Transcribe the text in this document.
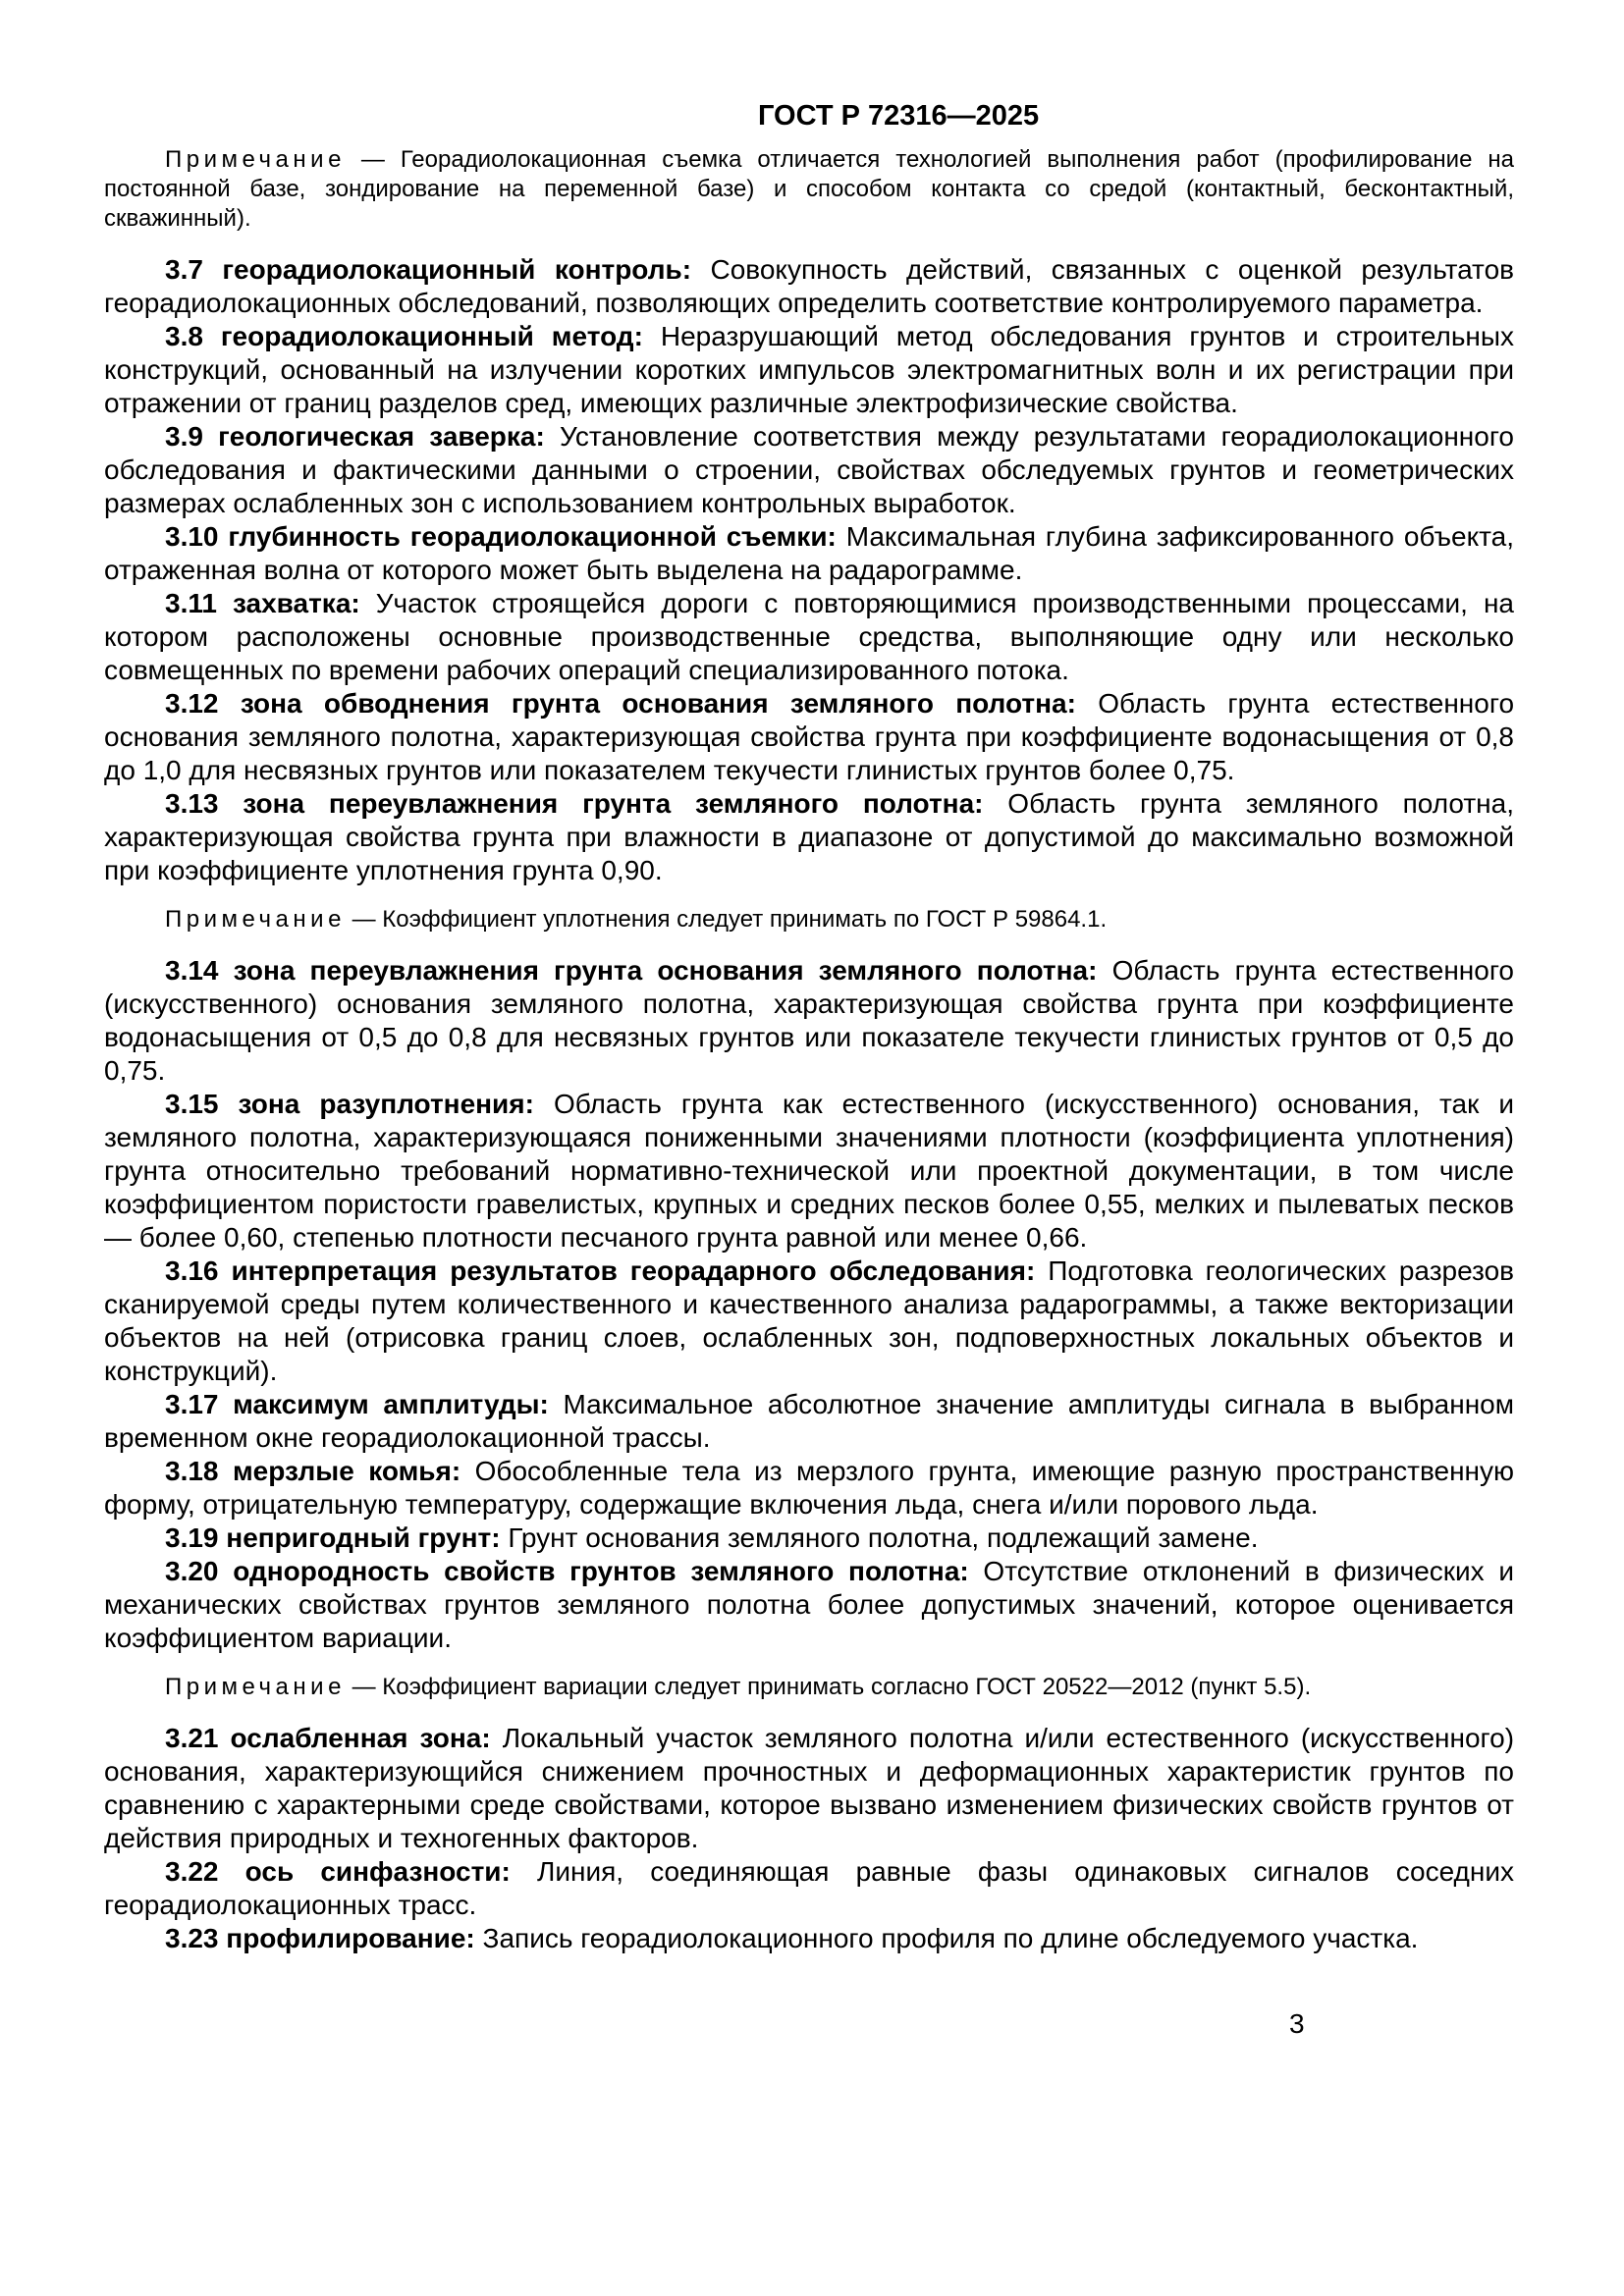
ГОСТ Р 72316—2025

Примечание — Георадиолокационная съемка отличается технологией выполнения работ (профилирование на постоянной базе, зондирование на переменной базе) и способом контакта со средой (контактный, бесконтактный, скважинный).

3.7 георадиолокационный контроль: Совокупность действий, связанных с оценкой результатов георадиолокационных обследований, позволяющих определить соответствие контролируемого параметра.

3.8 георадиолокационный метод: Неразрушающий метод обследования грунтов и строительных конструкций, основанный на излучении коротких импульсов электромагнитных волн и их регистрации при отражении от границ разделов сред, имеющих различные электрофизические свойства.

3.9 геологическая заверка: Установление соответствия между результатами георадиолокационного обследования и фактическими данными о строении, свойствах обследуемых грунтов и геометрических размерах ослабленных зон с использованием контрольных выработок.

3.10 глубинность георадиолокационной съемки: Максимальная глубина зафиксированного объекта, отраженная волна от которого может быть выделена на радарограмме.

3.11 захватка: Участок строящейся дороги с повторяющимися производственными процессами, на котором расположены основные производственные средства, выполняющие одну или несколько совмещенных по времени рабочих операций специализированного потока.

3.12 зона обводнения грунта основания земляного полотна: Область грунта естественного основания земляного полотна, характеризующая свойства грунта при коэффициенте водонасыщения от 0,8 до 1,0 для несвязных грунтов или показателем текучести глинистых грунтов более 0,75.

3.13 зона переувлажнения грунта земляного полотна: Область грунта земляного полотна, характеризующая свойства грунта при влажности в диапазоне от допустимой до максимально возможной при коэффициенте уплотнения грунта 0,90.

Примечание — Коэффициент уплотнения следует принимать по ГОСТ Р 59864.1.

3.14 зона переувлажнения грунта основания земляного полотна: Область грунта естественного (искусственного) основания земляного полотна, характеризующая свойства грунта при коэффициенте водонасыщения от 0,5 до 0,8 для несвязных грунтов или показателе текучести глинистых грунтов от 0,5 до 0,75.

3.15 зона разуплотнения: Область грунта как естественного (искусственного) основания, так и земляного полотна, характеризующаяся пониженными значениями плотности (коэффициента уплотнения) грунта относительно требований нормативно-технической или проектной документации, в том числе коэффициентом пористости гравелистых, крупных и средних песков более 0,55, мелких и пылеватых песков — более 0,60, степенью плотности песчаного грунта равной или менее 0,66.

3.16 интерпретация результатов георадарного обследования: Подготовка геологических разрезов сканируемой среды путем количественного и качественного анализа радарограммы, а также векторизации объектов на ней (отрисовка границ слоев, ослабленных зон, подповерхностных локальных объектов и конструкций).

3.17 максимум амплитуды: Максимальное абсолютное значение амплитуды сигнала в выбранном временном окне георадиолокационной трассы.

3.18 мерзлые комья: Обособленные тела из мерзлого грунта, имеющие разную пространственную форму, отрицательную температуру, содержащие включения льда, снега и/или порового льда.

3.19 непригодный грунт: Грунт основания земляного полотна, подлежащий замене.

3.20 однородность свойств грунтов земляного полотна: Отсутствие отклонений в физических и механических свойствах грунтов земляного полотна более допустимых значений, которое оценивается коэффициентом вариации.

Примечание — Коэффициент вариации следует принимать согласно ГОСТ 20522—2012 (пункт 5.5).

3.21 ослабленная зона: Локальный участок земляного полотна и/или естественного (искусственного) основания, характеризующийся снижением прочностных и деформационных характеристик грунтов по сравнению с характерными среде свойствами, которое вызвано изменением физических свойств грунтов от действия природных и техногенных факторов.

3.22 ось синфазности: Линия, соединяющая равные фазы одинаковых сигналов соседних георадиолокационных трасс.

3.23 профилирование: Запись георадиолокационного профиля по длине обследуемого участка.

3
